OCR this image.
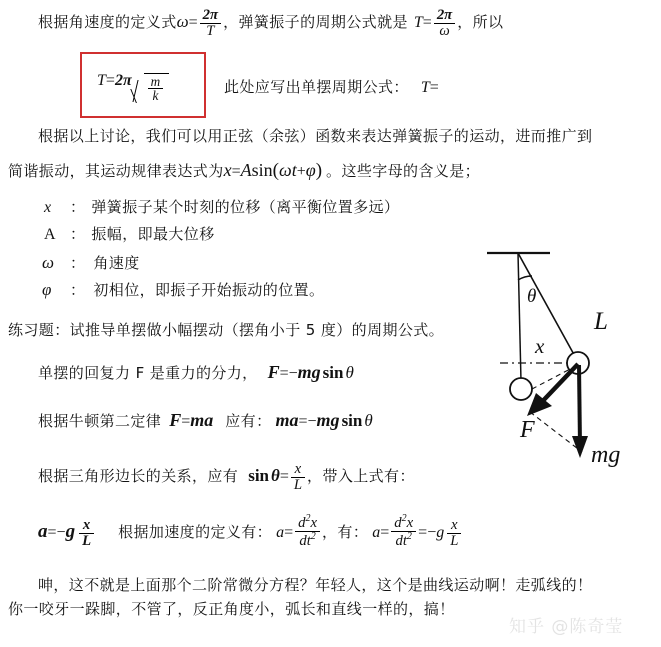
根据角速度的定义式$\omega= \frac{2\pi}{T}$ ，弹簧振子的周期公式就是 $T= \frac{2\pi}{\omega}$ ，所以
$T=2\pi \frac{m}{k}$	此处应写出单摆周期公式： T=
根据以上讨论，我们可以用正弦（余弦）函数来表达弹簧振子的运动，进而推广到
简谐振动，其运动规律表达式为x=Asin(ωt+φ) 。这些字母的含义是；
x ： 弹簧振子某个时刻的位移（离平衡位置多远）
A ： 振幅，即最大位移
ω ： 角速度
φ ： 初相位，即振子开始振动的位置。
练习题：试推导单摆做小幅摆动（摆角小于 5 度）的周期公式。
单摆的回复力 F 是重力的分力， F=−mg sin θ
根据牛顿第二定律 F=ma 应有： ma=−mg sin θ
根据三角形边长的关系，应有 $\sin \theta= \frac{x}{L}$ ，带入上式有：
$a=-g \frac{x}{L}$ 根据加速度的定义有： $a= \frac{d^2x}{dt^2}$ ，有： $a= \frac{d^2x}{dt^2} =-g \frac{x}{L}$
呻，这不就是上面那个二阶常微分方程？年轻人，这个是曲线运动啊！走弧线的！
你一咬牙一跺脚，不管了，反正角度小，弧长和直线一样的，搞！
θ
L
x
F
mg
知乎 @陈奇莹
